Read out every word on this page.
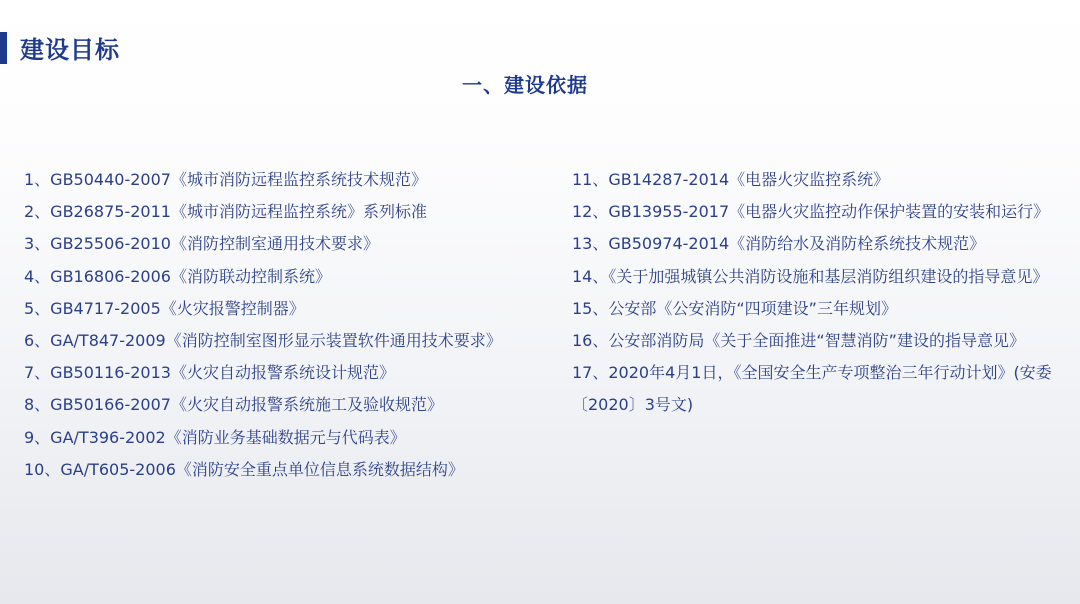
建设目标
一、建设依据

1、GB50440-2007《城市消防远程监控系统技术规范》

2、GB26875-2011《城市消防远程监控系统》系列标准

3、GB25506-2010《消防控制室通用技术要求》

4、GB16806-2006《消防联动控制系统》

5、GB4717-2005《火灾报警控制器》

6、GA/T847-2009《消防控制室图形显示装置软件通用技术要求》

7、GB50116-2013《火灾自动报警系统设计规范》

8、GB50166-2007《火灾自动报警系统施工及验收规范》

9、GA/T396-2002《消防业务基础数据元与代码表》

10、GA/T605-2006《消防安全重点单位信息系统数据结构》

11、GB14287-2014《电器火灾监控系统》

12、GB13955-2017《电器火灾监控动作保护装置的安装和运行》

13、GB50974-2014《消防给水及消防栓系统技术规范》

14、《关于加强城镇公共消防设施和基层消防组织建设的指导意见》

15、公安部《公安消防“四项建设”三年规划》

16、公安部消防局《关于全面推进“智慧消防”建设的指导意见》

17、2020年4月1日，《全国安全生产专项整治三年行动计划》(安委〔2020〕3号文)
